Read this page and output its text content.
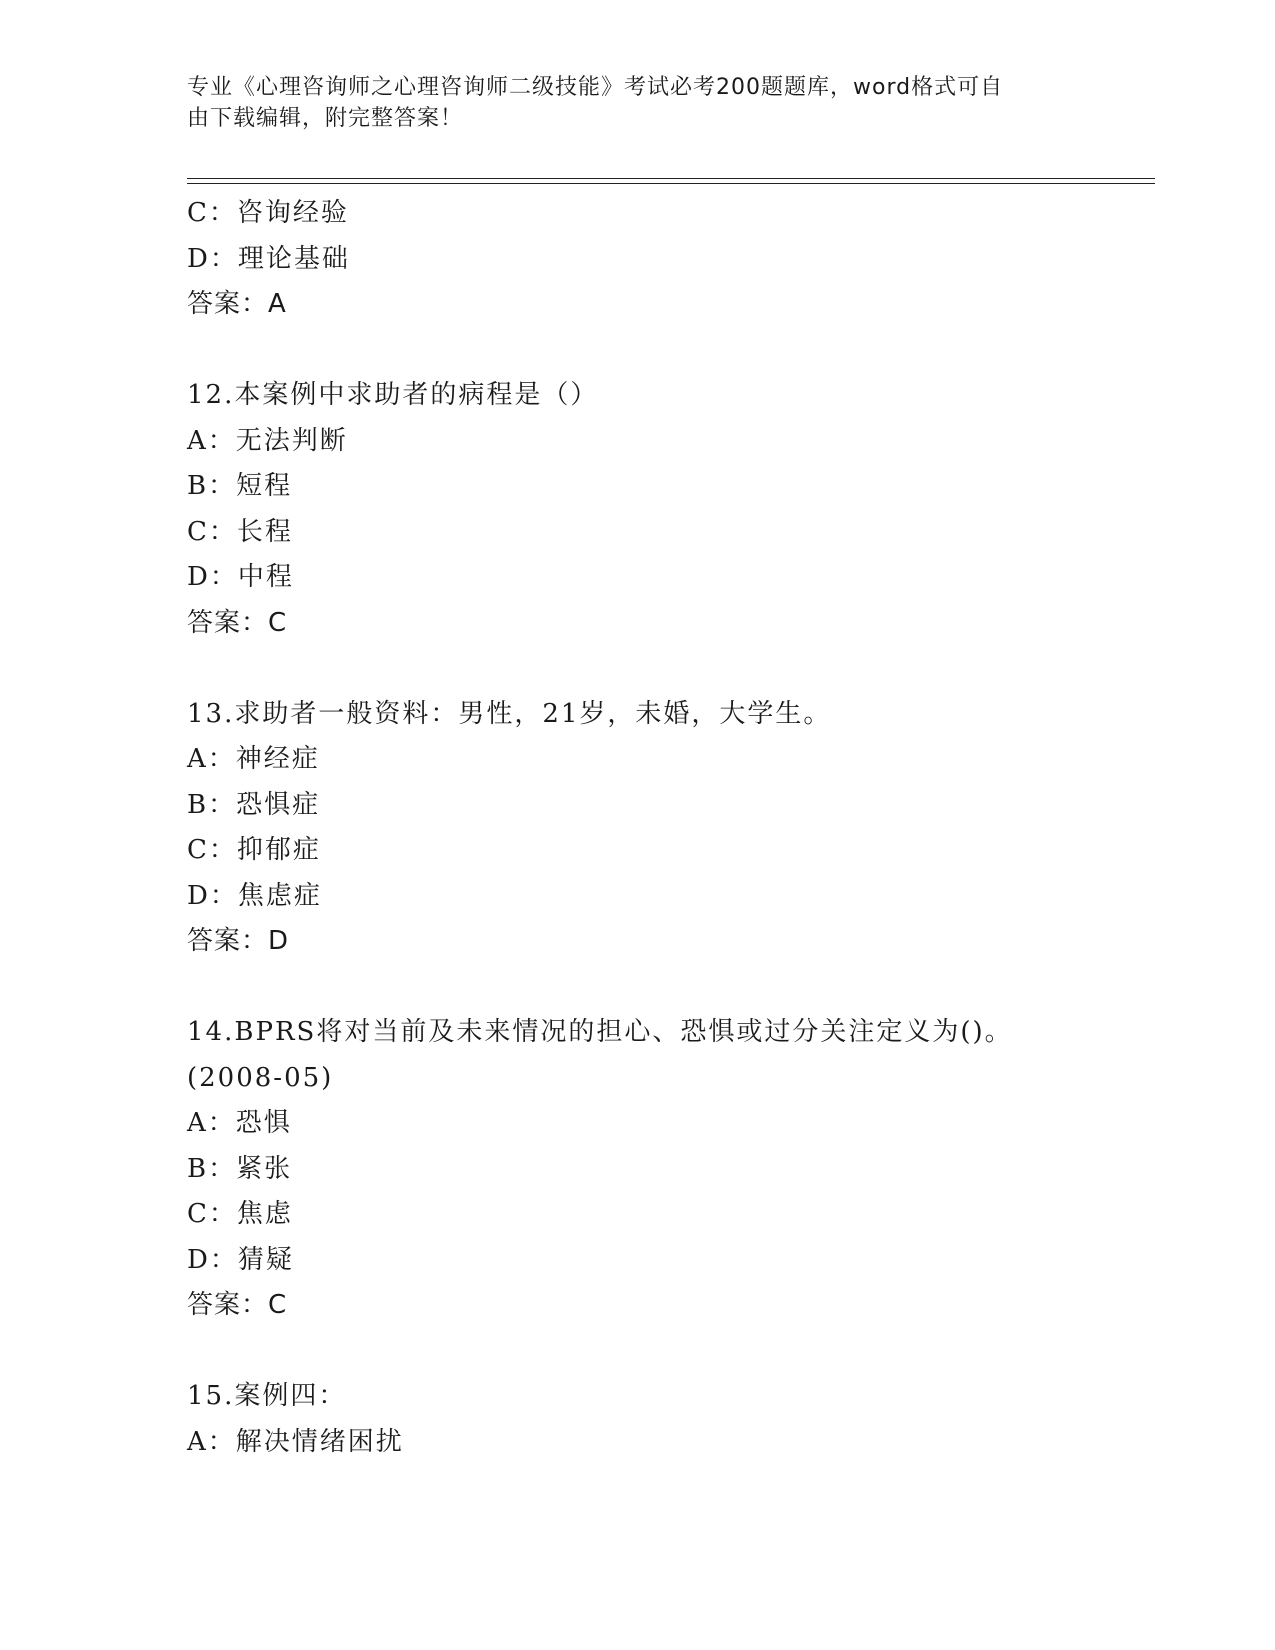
专业《心理咨询师之心理咨询师二级技能》考试必考200题题库，word格式可自
由下载编辑，附完整答案！
C：咨询经验
D：理论基础
答案：A
12.本案例中求助者的病程是（）
A：无法判断
B：短程
C：长程
D：中程
答案：C
13.求助者一般资料：男性，21岁，未婚，大学生。
A：神经症
B：恐惧症
C：抑郁症
D：焦虑症
答案：D
14.BPRS将对当前及未来情况的担心、恐惧或过分关注定义为()。
(2008-05)
A：恐惧
B：紧张
C：焦虑
D：猜疑
答案：C
15.案例四：
A：解决情绪困扰
